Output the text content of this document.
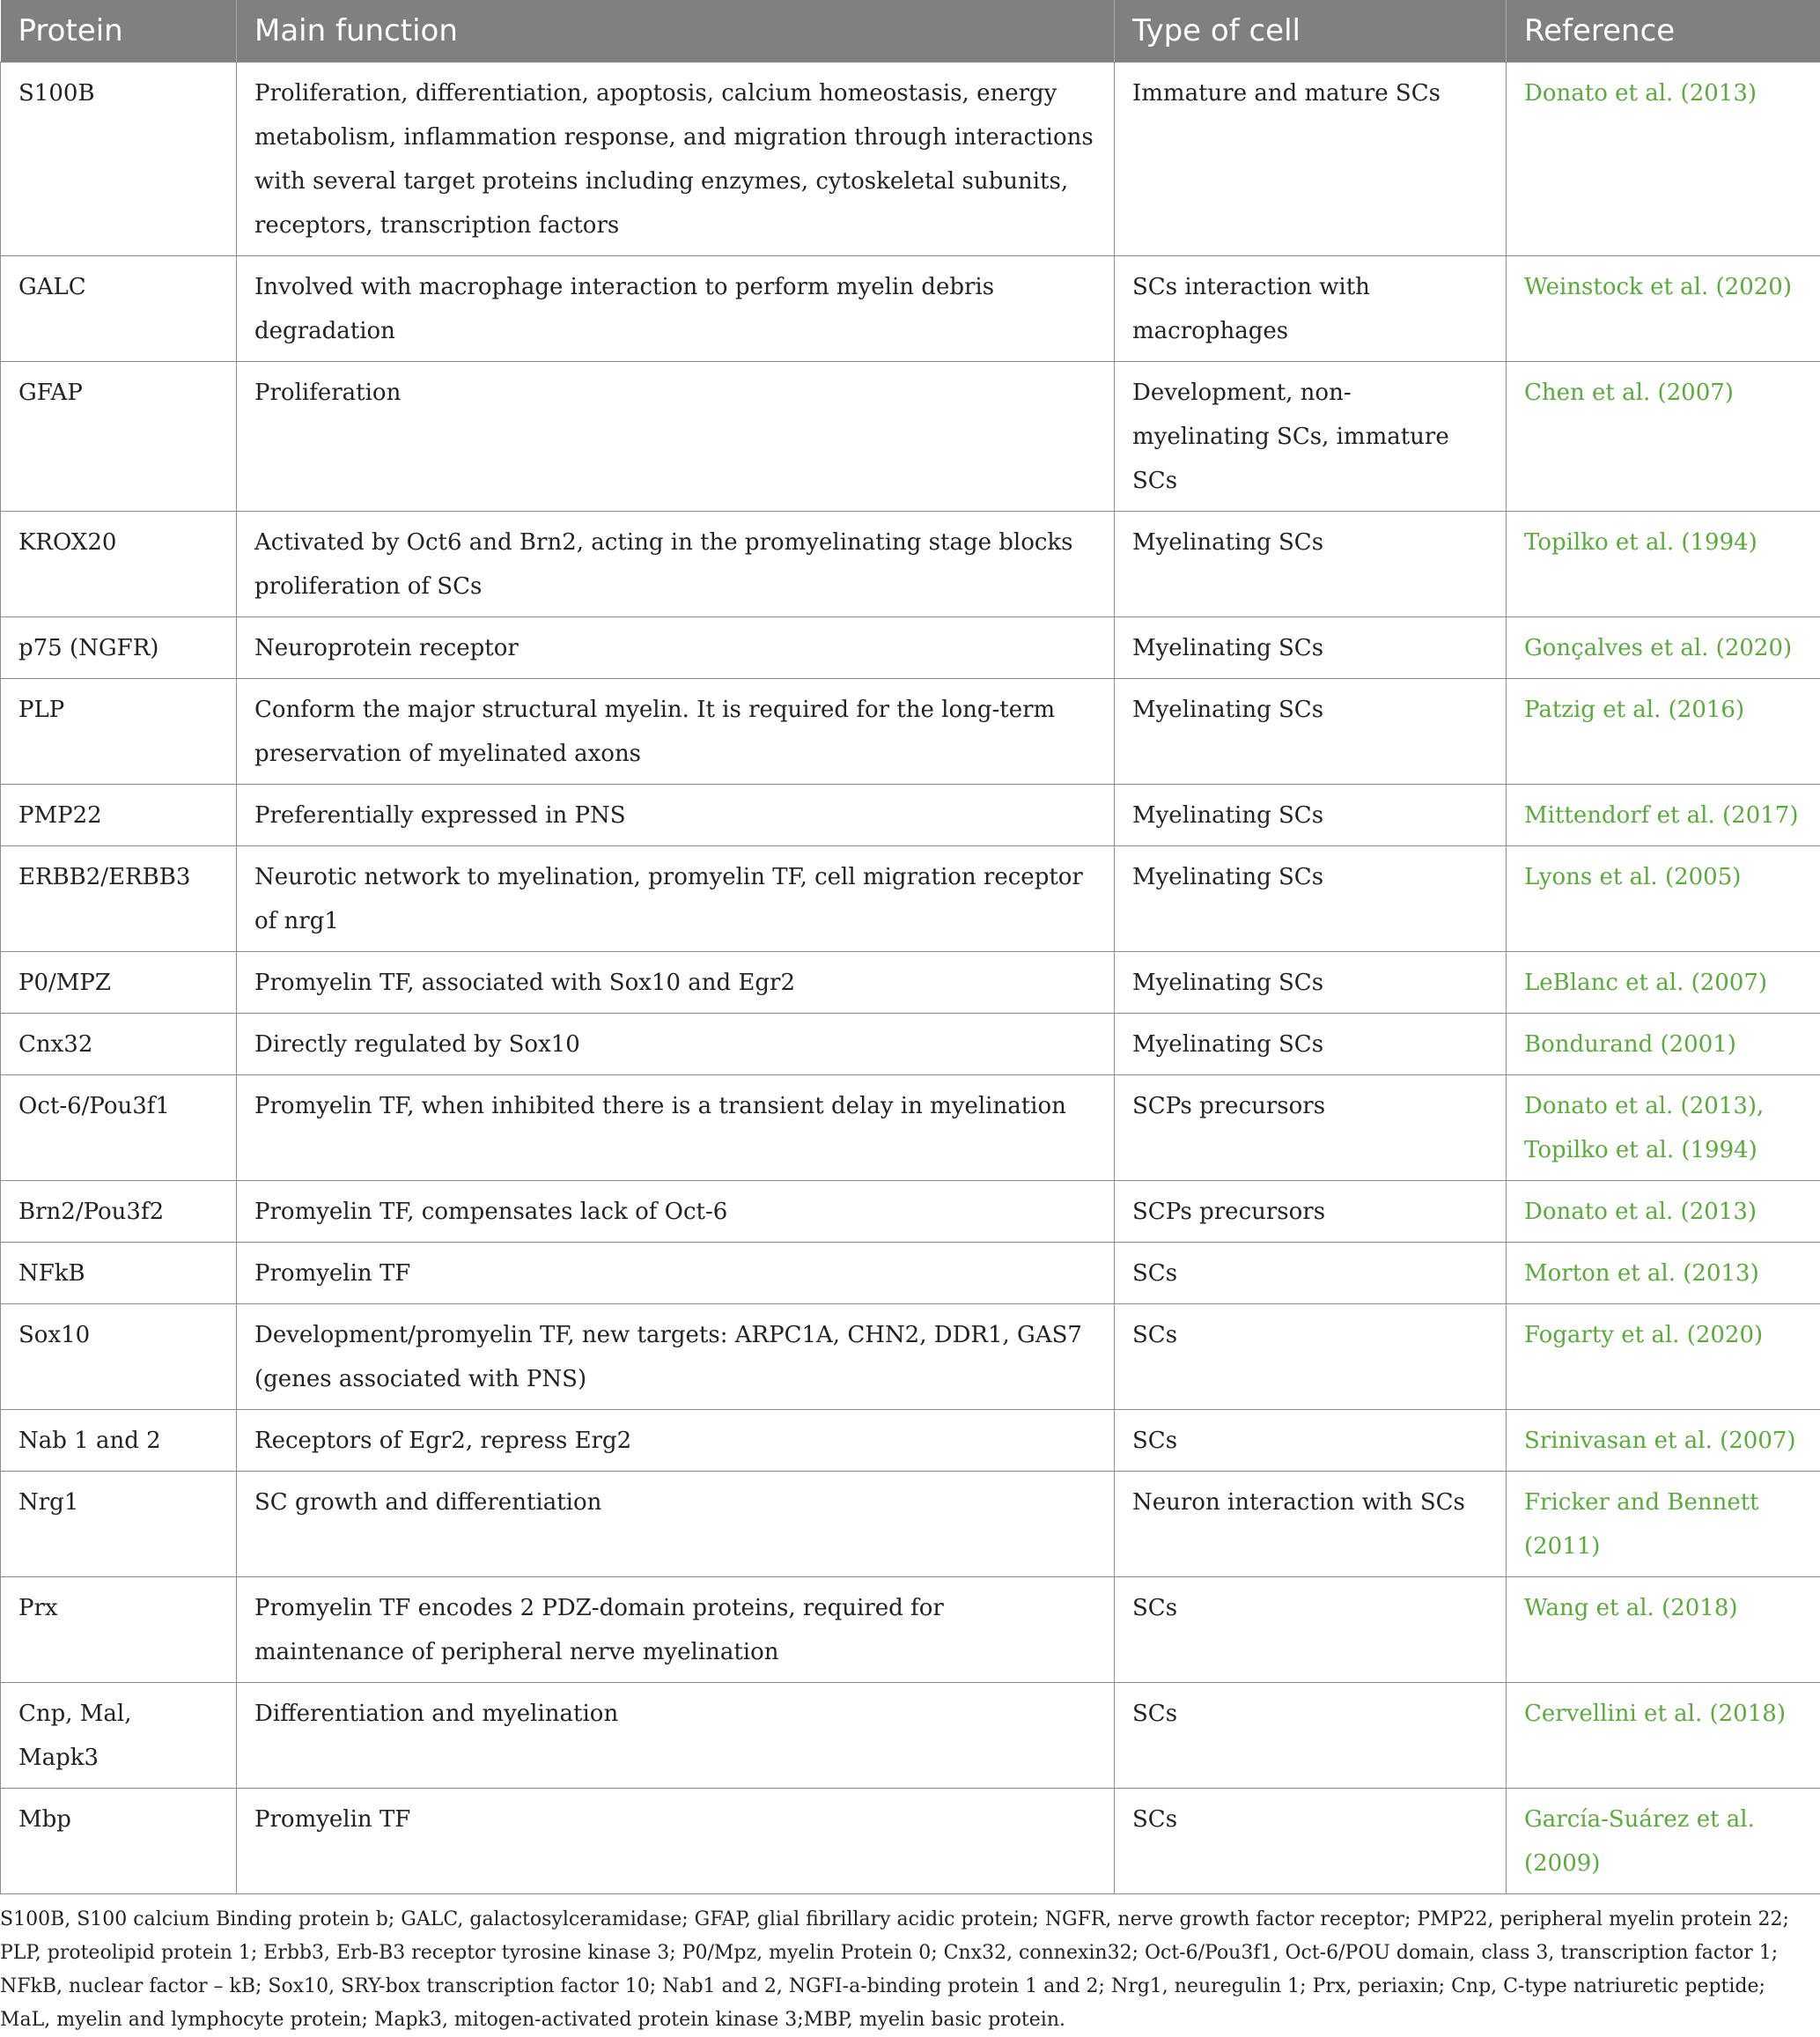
Protein	Main function	Type of cell	Reference
S100B	Proliferation, differentiation, apoptosis, calcium homeostasis, energy metabolism, inflammation response, and migration through interactions with several target proteins including enzymes, cytoskeletal subunits, receptors, transcription factors	Immature and mature SCs	Donato et al. (2013)

GALC	Involved with macrophage interaction to perform myelin debris degradation	SCs interaction with macrophages	Weinstock et al. (2020)

GFAP	Proliferation	Development, non-myelinating SCs, immature SCs	Chen et al. (2007)

KROX20	Activated by Oct6 and Brn2, acting in the promyelinating stage blocks proliferation of SCs	Myelinating SCs	Topilko et al. (1994)

p75 (NGFR)	Neuroprotein receptor	Myelinating SCs	Gonçalves et al. (2020)

PLP	Conform the major structural myelin. It is required for the long-term preservation of myelinated axons	Myelinating SCs	Patzig et al. (2016)

PMP22	Preferentially expressed in PNS	Myelinating SCs	Mittendorf et al. (2017)

ERBB2/ERBB3	Neurotic network to myelination, promyelin TF, cell migration receptor of nrg1	Myelinating SCs	Lyons et al. (2005)

P0/MPZ	Promyelin TF, associated with Sox10 and Egr2	Myelinating SCs	LeBlanc et al. (2007)

Cnx32	Directly regulated by Sox10	Myelinating SCs	Bondurand (2001)

Oct-6/Pou3f1	Promyelin TF, when inhibited there is a transient delay in myelination	SCPs precursors	Donato et al. (2013),
Topilko et al. (1994)

Brn2/Pou3f2	Promyelin TF, compensates lack of Oct-6	SCPs precursors	Donato et al. (2013)

NFkB	Promyelin TF	SCs	Morton et al. (2013)

Sox10	Development/promyelin TF, new targets: ARPC1A, CHN2, DDR1, GAS7 (genes associated with PNS)	SCs	Fogarty et al. (2020)

Nab 1 and 2	Receptors of Egr2, repress Erg2	SCs	Srinivasan et al. (2007)

Nrg1	SC growth and differentiation	Neuron interaction with SCs	Fricker and Bennett (2011)

Prx	Promyelin TF encodes 2 PDZ-domain proteins, required for maintenance of peripheral nerve myelination	SCs	Wang et al. (2018)

Cnp, Mal, Mapk3	Differentiation and myelination	SCs	Cervellini et al. (2018)

Mbp	Promyelin TF	SCs	García-Suárez et al. (2009)
S100B, S100 calcium Binding protein b; GALC, galactosylceramidase; GFAP, glial fibrillary acidic protein; NGFR, nerve growth factor receptor; PMP22, peripheral myelin protein 22; PLP, proteolipid protein 1; Erbb3, Erb-B3 receptor tyrosine kinase 3; P0/Mpz, myelin Protein 0; Cnx32, connexin32; Oct-6/Pou3f1, Oct-6/POU domain, class 3, transcription factor 1; NFkB, nuclear factor – kB; Sox10, SRY-box transcription factor 10; Nab1 and 2, NGFI-a-binding protein 1 and 2; Nrg1, neuregulin 1; Prx, periaxin; Cnp, C-type natriuretic peptide; MaL, myelin and lymphocyte protein; Mapk3, mitogen-activated protein kinase 3;MBP, myelin basic protein.
